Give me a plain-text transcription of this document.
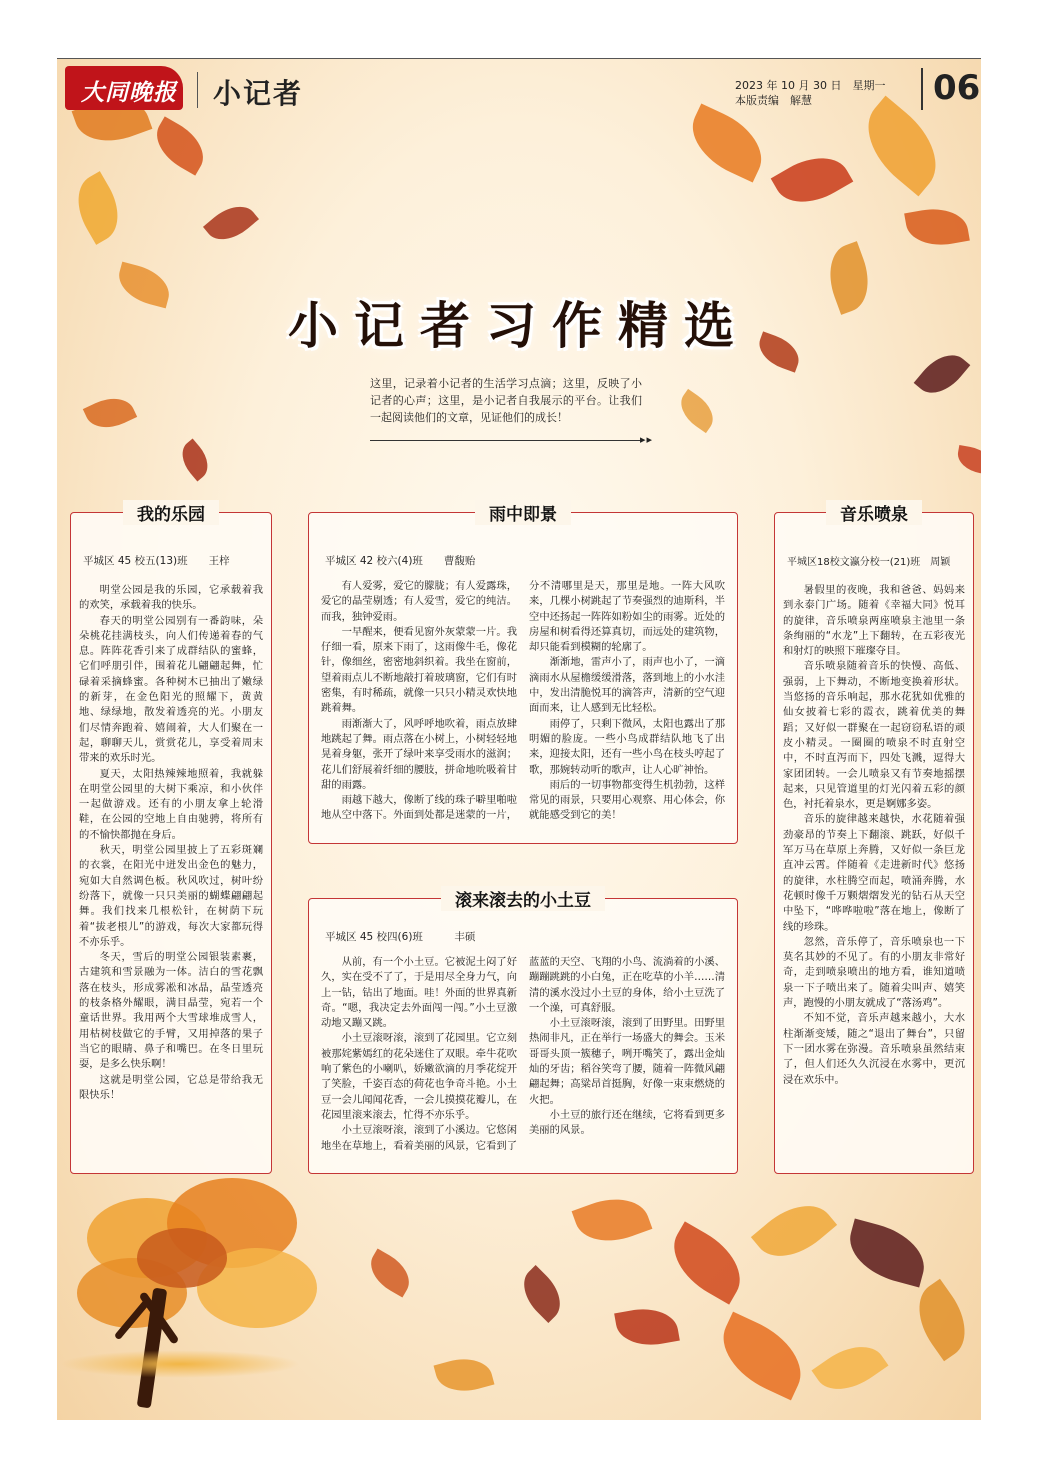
大同晚报 小记者	2023 年 10 月 30 日　星期一
本版责编　解慧	06
小记者习作精选
这里，记录着小记者的生活学习点滴；这里，反映了小记者的心声；这里，是小记者自我展示的平台。让我们一起阅读他们的文章，见证他们的成长！
▸▸
我的乐园
平城区 45 校五(13)班　　王梓

明堂公园是我的乐园，它承载着我的欢笑，承载着我的快乐。

春天的明堂公园别有一番韵味，朵朵桃花挂满枝头，向人们传递着春的气息。阵阵花香引来了成群结队的蜜蜂，它们呼朋引伴，围着花儿翩翩起舞，忙碌着采摘蜂蜜。各种树木已抽出了嫩绿的新芽，在金色阳光的照耀下，黄黄地、绿绿地，散发着透亮的光。小朋友们尽情奔跑着、嬉闹着，大人们聚在一起，聊聊天儿，赏赏花儿，享受着周末带来的欢乐时光。

夏天，太阳热辣辣地照着，我就躲在明堂公园里的大树下乘凉，和小伙伴一起做游戏。还有的小朋友拿上轮滑鞋，在公园的空地上自由驰骋，将所有的不愉快都抛在身后。

秋天，明堂公园里披上了五彩斑斓的衣裳，在阳光中迸发出金色的魅力，宛如大自然调色板。秋风吹过，树叶纷纷落下，就像一只只美丽的蝴蝶翩翩起舞。我们找来几根松针，在树荫下玩着“拔老根儿”的游戏，每次大家都玩得不亦乐乎。

冬天，雪后的明堂公园银装素裹，古建筑和雪景融为一体。洁白的雪花飘落在枝头，形成雾凇和冰晶，晶莹透亮的枝条格外耀眼，满目晶莹，宛若一个童话世界。我用两个大雪球堆成雪人，用枯树枝做它的手臂，又用掉落的果子当它的眼睛、鼻子和嘴巴。在冬日里玩耍，是多么快乐啊！

这就是明堂公园，它总是带给我无限快乐！

雨中即景
平城区 42 校六(4)班　　曹馥贻

有人爱雾，爱它的朦胧；有人爱露珠，爱它的晶莹剔透；有人爱雪，爱它的纯洁。而我，独钟爱雨。

一早醒来，便看见窗外灰蒙蒙一片。我仔细一看，原来下雨了，这雨像牛毛，像花针，像细丝，密密地斜织着。我坐在窗前，望着雨点儿不断地敲打着玻璃窗，它们有时密集，有时稀疏，就像一只只小精灵欢快地跳着舞。

雨渐渐大了，风呼呼地吹着，雨点放肆地跳起了舞。雨点落在小树上，小树轻轻地晃着身躯，张开了绿叶来享受雨水的滋润；花儿们舒展着纤细的腰肢，拼命地吮吸着甘甜的雨露。

雨越下越大，像断了线的珠子噼里啪啦地从空中落下。外面到处都是迷蒙的一片，分不清哪里是天，那里是地。一阵大风吹来，几棵小树跳起了节奏强烈的迪斯科，半空中还扬起一阵阵如粉如尘的雨雾。近处的房屋和树看得还算真切，而远处的建筑物，却只能看到模糊的轮廓了。

渐渐地，雷声小了，雨声也小了，一滴滴雨水从屋檐缓缓滑落，落到地上的小水洼中，发出清脆悦耳的滴答声，清新的空气迎面而来，让人感到无比轻松。

雨停了，只剩下微风，太阳也露出了那明媚的脸庞。一些小鸟成群结队地飞了出来，迎接太阳，还有一些小鸟在枝头哼起了歌，那婉转动听的歌声，让人心旷神怡。

雨后的一切事物都变得生机勃勃，这样常见的雨景，只要用心观察、用心体会，你就能感受到它的美！

滚来滚去的小土豆
平城区 45 校四(6)班　　　丰硕

从前，有一个小土豆。它被泥土闷了好久，实在受不了了，于是用尽全身力气，向上一钻，钻出了地面。哇！外面的世界真新奇。“嗯，我决定去外面闯一闯。”小土豆激动地又蹦又跳。

小土豆滚呀滚，滚到了花园里。它立刻被那姹紫嫣红的花朵迷住了双眼。牵牛花吹响了紫色的小喇叭，娇嫩欲滴的月季花绽开了笑脸，千姿百态的荷花也争奇斗艳。小土豆一会儿闻闻花香，一会儿摸摸花瓣儿，在花园里滚来滚去，忙得不亦乐乎。

小土豆滚呀滚，滚到了小溪边。它悠闲地坐在草地上，看着美丽的风景，它看到了蓝蓝的天空、飞翔的小鸟、流淌着的小溪、蹦蹦跳跳的小白兔，正在吃草的小羊……清清的溪水没过小土豆的身体，给小土豆洗了一个澡，可真舒服。

小土豆滚呀滚，滚到了田野里。田野里热闹非凡，正在举行一场盛大的舞会。玉米哥哥头顶一簇穗子，咧开嘴笑了，露出金灿灿的牙齿；稻谷笑弯了腰，随着一阵微风翩翩起舞；高粱昂首挺胸，好像一束束燃烧的火把。

小土豆的旅行还在继续，它将看到更多美丽的风景。

音乐喷泉
平城区18校文瀛分校一(21)班　周颖

暑假里的夜晚，我和爸爸、妈妈来到永泰门广场。随着《幸福大同》悦耳的旋律，音乐喷泉两座喷泉主池里一条条绚丽的“水龙”上下翻转，在五彩夜光和射灯的映照下璀璨夺目。

音乐喷泉随着音乐的快慢、高低、强弱，上下舞动，不断地变换着形状。当悠扬的音乐响起，那水花犹如优雅的仙女披着七彩的霞衣，跳着优美的舞蹈；又好似一群聚在一起窃窃私语的顽皮小精灵。一圈圈的喷泉不时直射空中，不时直泻而下，四处飞溅，逗得大家团团转。一会儿喷泉又有节奏地摇摆起来，只见管道里的灯光闪着五彩的颜色，衬托着泉水，更是婀娜多姿。

音乐的旋律越来越快，水花随着强劲豪昂的节奏上下翻滚、跳跃，好似千军万马在草原上奔腾，又好似一条巨龙直冲云霄。伴随着《走进新时代》悠扬的旋律，水柱腾空而起，喷涌奔腾，水花顿时像千万颗熠熠发光的钻石从天空中坠下，“哗哗啦啦”落在地上，像断了线的珍珠。

忽然，音乐停了，音乐喷泉也一下莫名其妙的不见了。有的小朋友非常好奇，走到喷泉喷出的地方看，谁知道喷泉一下子喷出来了。随着尖叫声、嬉笑声，跑慢的小朋友就成了“落汤鸡”。

不知不觉，音乐声越来越小，大水柱渐渐变矮，随之“退出了舞台”，只留下一团水雾在弥漫。音乐喷泉虽然结束了，但人们还久久沉浸在水雾中，更沉浸在欢乐中。
